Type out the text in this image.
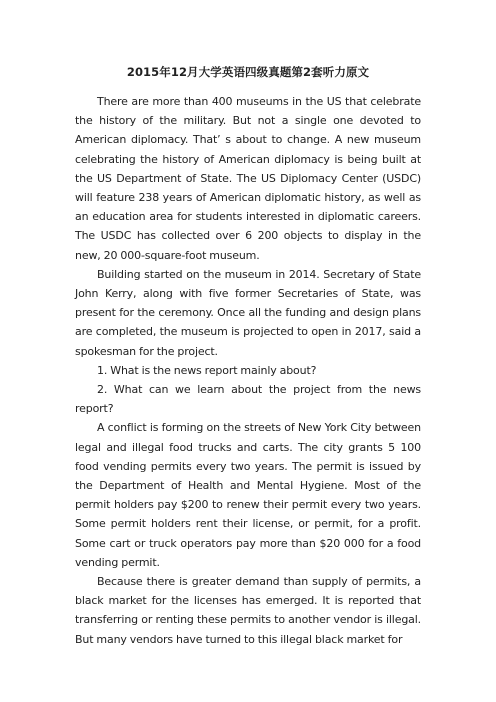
2015年12月大学英语四级真题第2套听力原文

There are more than 400 museums in the US that celebrate the history of the military. But not a single one devoted to American diplomacy. That’ s about to change. A new museum celebrating the history of American diplomacy is being built at the US Department of State. The US Diplomacy Center (USDC) will feature 238 years of American diplomatic history, as well as an education area for students interested in diplomatic careers. The USDC has collected over 6 200 objects to display in the new, 20 000-square-foot museum.

Building started on the museum in 2014. Secretary of State John Kerry, along with five former Secretaries of State, was present for the ceremony. Once all the funding and design plans are completed, the museum is projected to open in 2017, said a spokesman for the project.

1. What is the news report mainly about?

2. What can we learn about the project from the news report?

A conflict is forming on the streets of New York City between legal and illegal food trucks and carts. The city grants 5 100 food vending permits every two years. The permit is issued by the Department of Health and Mental Hygiene. Most of the permit holders pay $200 to renew their permit every two years. Some permit holders rent their license, or permit, for a profit. Some cart or truck operators pay more than $20 000 for a food vending permit.

Because there is greater demand than supply of permits, a black market for the licenses has emerged. It is reported that transferring or renting these permits to another vendor is illegal. But many vendors have turned to this illegal black market for
